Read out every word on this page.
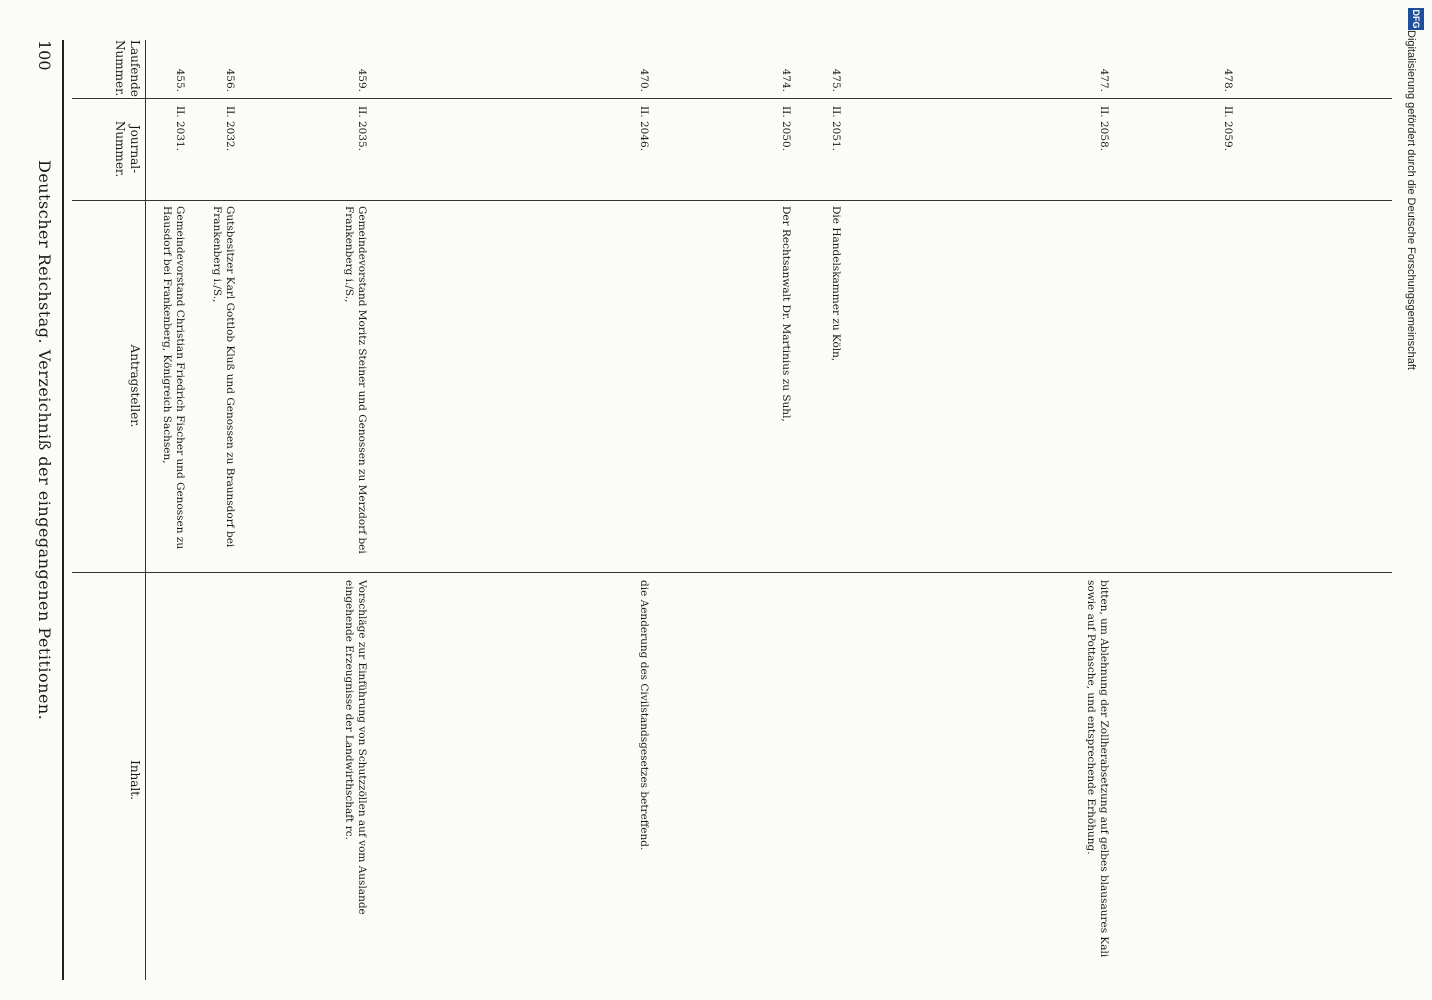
100
Deutscher Reichstag. Verzeichniß der eingegangenen Petitionen.
Laufende Nummer.
Journal-Nummer.
Antragsteller.
Inhalt.
455.
II. 2031.
Gemeindevorstand Christian Friedrich Fischer und Genossen zu Hausdorf bei Frankenberg, Königreich Sachsen,
456.
II. 2032.
Gutsbesitzer Karl Gottlob Kluß und Genossen zu Braunsdorf bei Frankenberg i./S.,
459.
II. 2035.
Gemeindevorstand Moritz Steiner und Genossen zu Merzdorf bei Frankenberg i./S.,
Vorschläge zur Einführung von Schutzzöllen auf vom Auslande eingehende Erzeugnisse der Landwirthschaft rc.
470.
II. 2046.
die Aenderung des Civilstandsgesetzes betreffend.
474.
II. 2050.
Der Rechtsanwalt Dr. Martinius zu Suhl,
475.
II. 2051.
Die Handelskammer zu Köln,
477.
II. 2058.
bitten, um Ablehnung der Zollherabsetzung auf gelbes blausaures Kali sowie auf Pottasche, und entsprechende Erhöhung.
478.
II. 2059.	Digitalisierung gefördert durch die Deutsche Forschungsgemeinschaft
DFG
